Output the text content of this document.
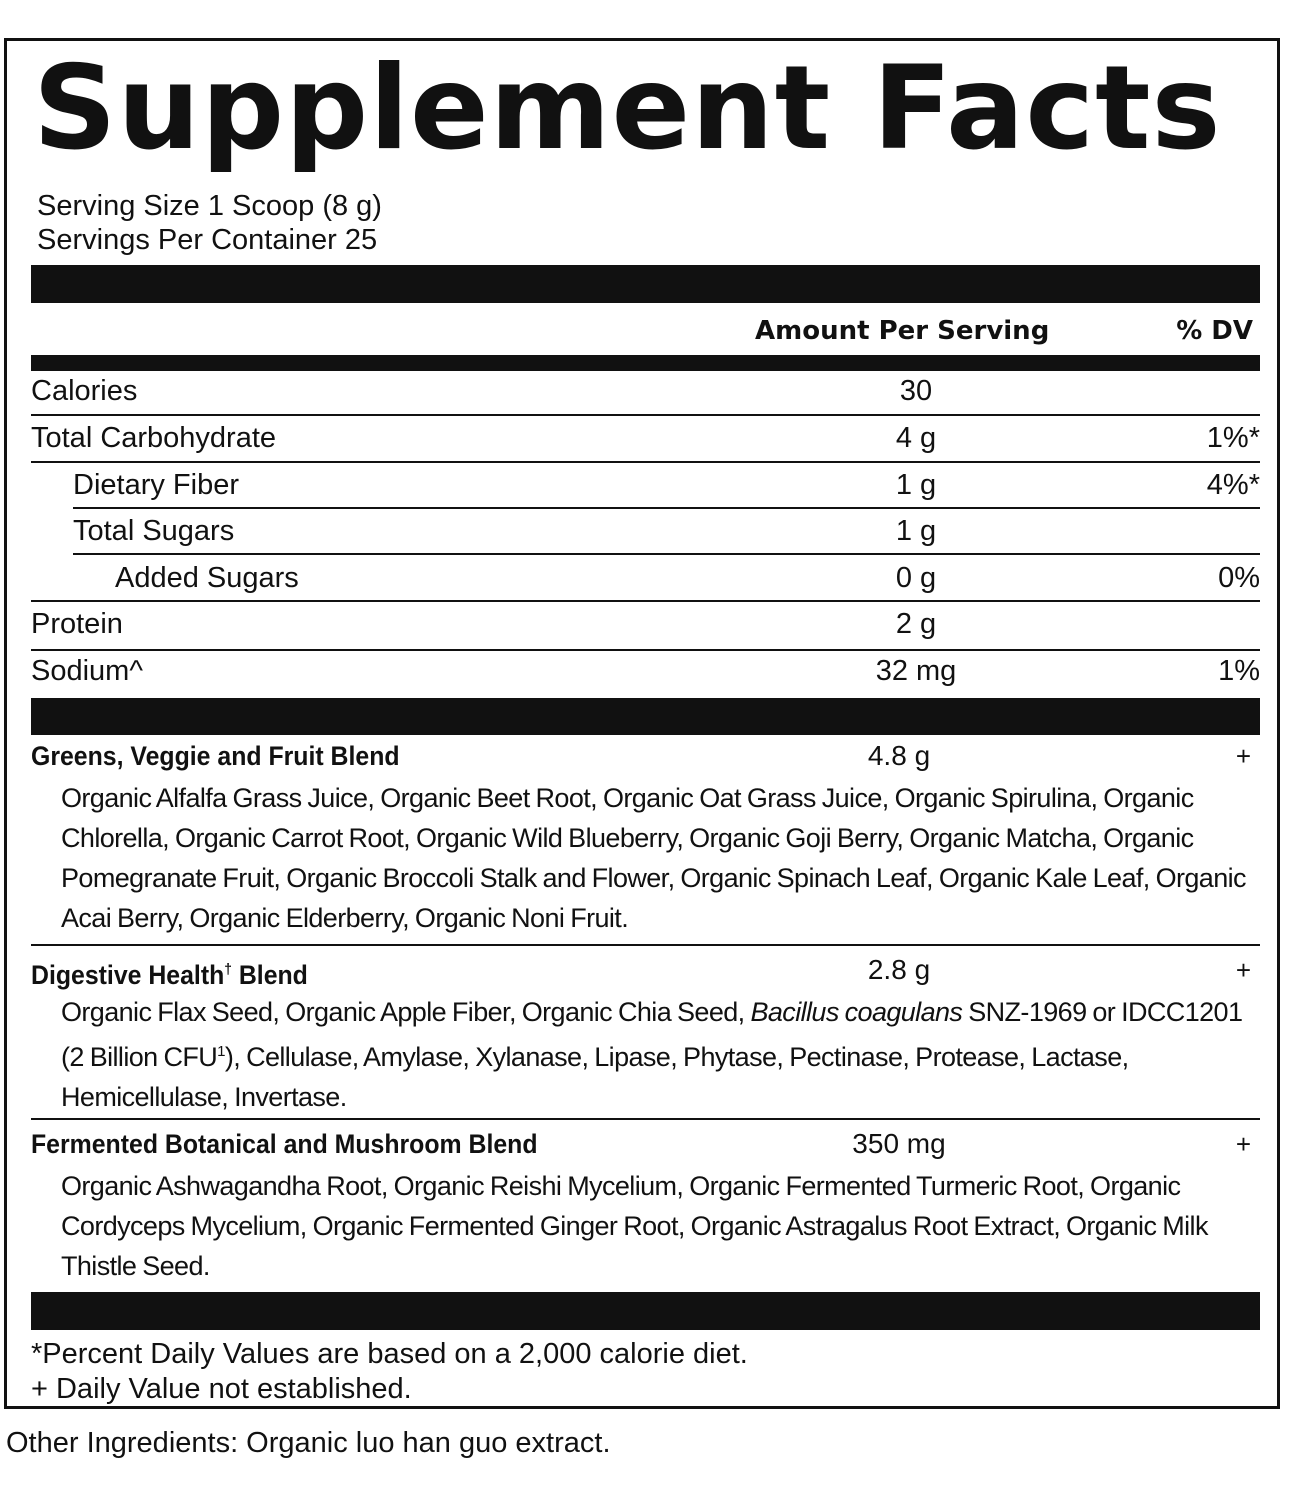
Supplement Facts
Serving Size 1 Scoop (8 g)
Servings Per Container 25
Amount Per Serving	% DV
Calories	30
Total Carbohydrate	4 g	1%*
Dietary Fiber	1 g	4%*
Total Sugars	1 g
Added Sugars	0 g	0%
Protein	2 g
Sodium^	32 mg	1%
Greens, Veggie and Fruit Blend	4.8 g	+
Organic Alfalfa Grass Juice, Organic Beet Root, Organic Oat Grass Juice, Organic Spirulina, Organic Chlorella, Organic Carrot Root, Organic Wild Blueberry, Organic Goji Berry, Organic Matcha, Organic Pomegranate Fruit, Organic Broccoli Stalk and Flower, Organic Spinach Leaf, Organic Kale Leaf, Organic Acai Berry, Organic Elderberry, Organic Noni Fruit.
Digestive Health† Blend	2.8 g	+
Organic Flax Seed, Organic Apple Fiber, Organic Chia Seed, Bacillus coagulans SNZ-1969 or IDCC1201 (2 Billion CFU$^1$), Cellulase, Amylase, Xylanase, Lipase, Phytase, Pectinase, Protease, Lactase, Hemicellulase, Invertase.
Fermented Botanical and Mushroom Blend	350 mg	+
Organic Ashwagandha Root, Organic Reishi Mycelium, Organic Fermented Turmeric Root, Organic Cordyceps Mycelium, Organic Fermented Ginger Root, Organic Astragalus Root Extract, Organic Milk Thistle Seed.
*Percent Daily Values are based on a 2,000 calorie diet.
+ Daily Value not established.
Other Ingredients: Organic luo han guo extract.
